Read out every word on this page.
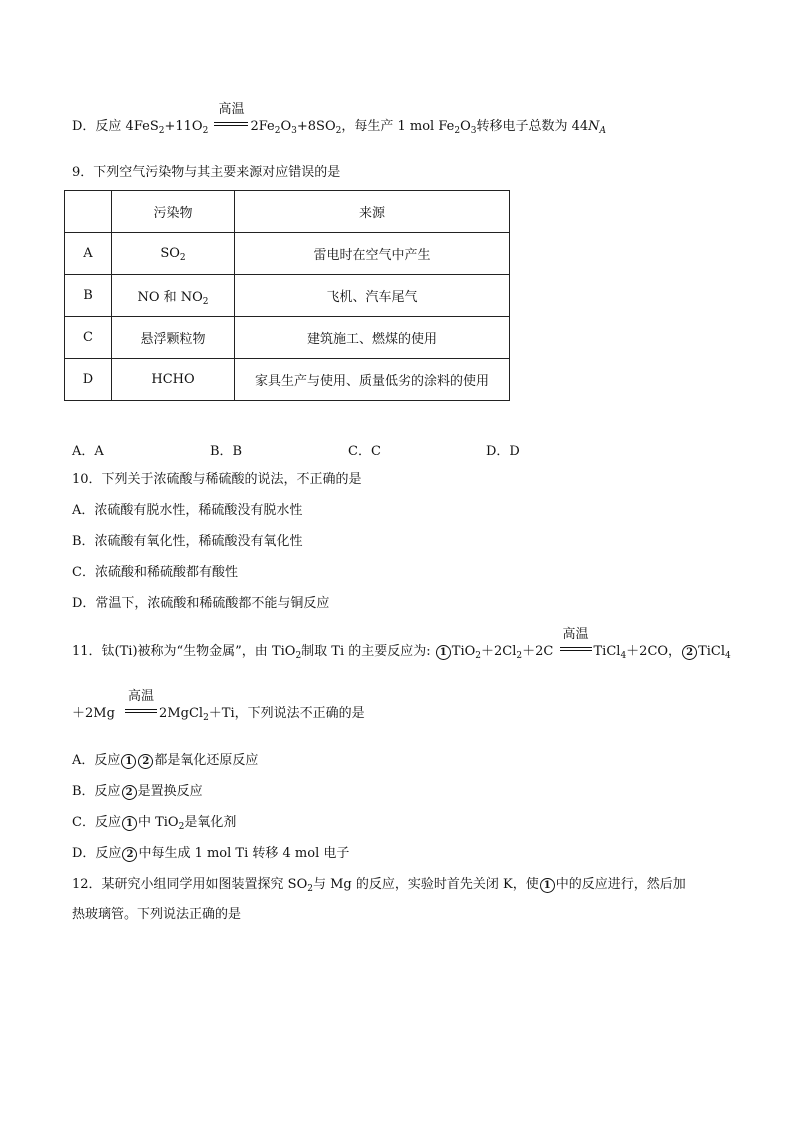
D．反应 $4FeS_2+11O_2$
高温
$2Fe_2O_3+8SO_2$，每生产 1 mol $Fe_2O_3$转移电子总数为 $44N_A$
9．下列空气污染物与其主要来源对应错误的是
	污染物	来源
A	$SO_2$	雷电时在空气中产生
B	NO 和 $NO_2$	飞机、汽车尾气
C	悬浮颗粒物	建筑施工、燃煤的使用
D	HCHO	家具生产与使用、质量低劣的涂料的使用
A．A	B．B	C．C	D．D
10．下列关于浓硫酸与稀硫酸的说法，不正确的是
A．浓硫酸有脱水性，稀硫酸没有脱水性
B．浓硫酸有氧化性，稀硫酸没有氧化性
C．浓硫酸和稀硫酸都有酸性
D．常温下，浓硫酸和稀硫酸都不能与铜反应
11．钛(Ti)被称为“生物金属”，由 TiO$_2$制取 Ti 的主要反应为: 1 $TiO_2+2Cl_2+2C$
高温
TiCl$_4$＋2CO， 2 TiCl$_4$
＋2Mg
高温
2MgCl$_2$＋Ti，下列说法不正确的是
A．反应 1 2 都是氧化还原反应
B．反应 2 是置换反应
C．反应 1 中 TiO$_2$是氧化剂
D．反应 2 中每生成 1 mol Ti 转移 4 mol 电子
12．某研究小组同学用如图装置探究 $SO_2$与 Mg 的反应，实验时首先关闭 K，使 1 中的反应进行，然后加
热玻璃管。下列说法正确的是
